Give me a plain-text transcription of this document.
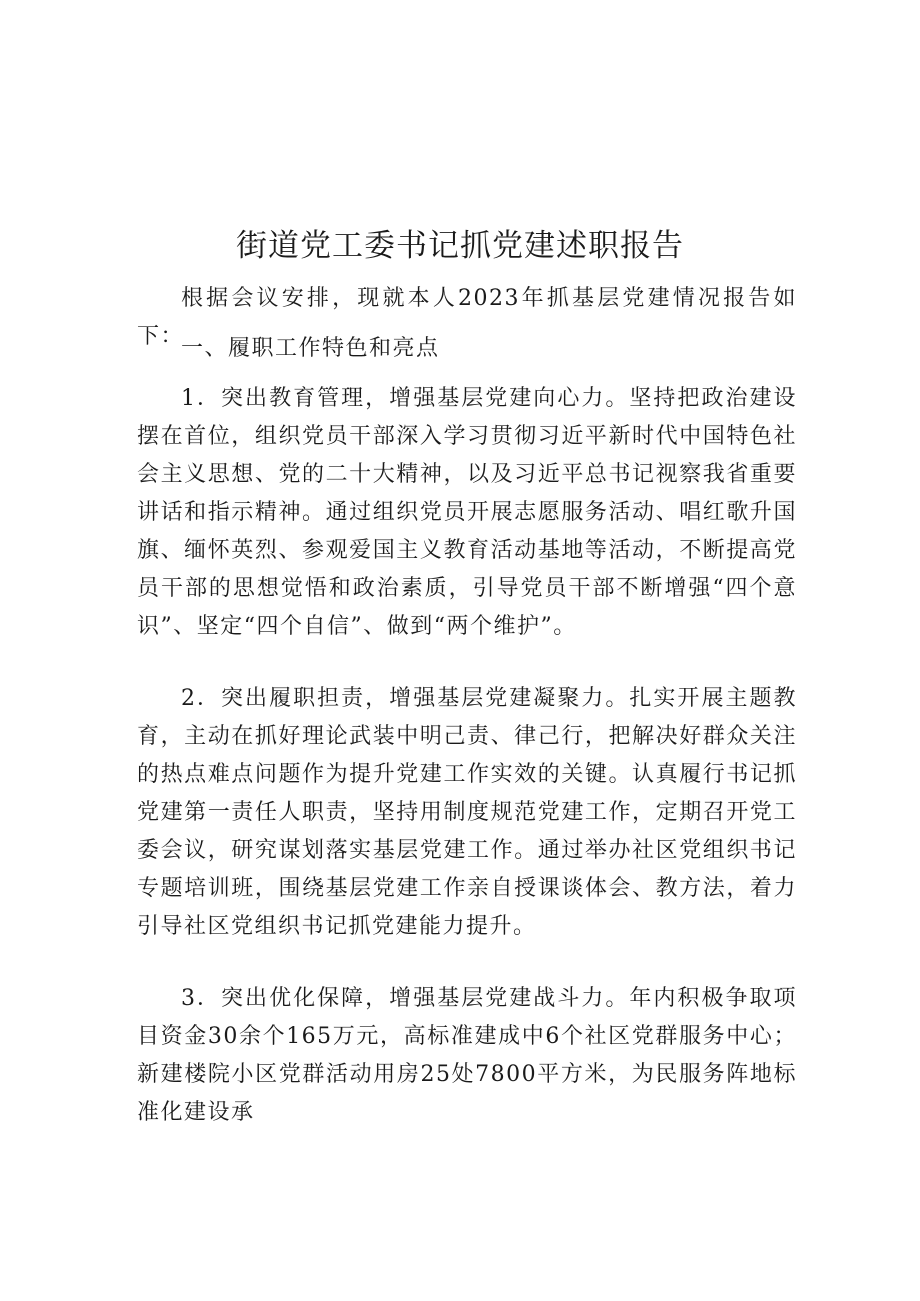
街道党工委书记抓党建述职报告

根据会议安排，现就本人2023年抓基层党建情况报告如下：

一、履职工作特色和亮点

1．突出教育管理，增强基层党建向心力。坚持把政治建设摆在首位，组织党员干部深入学习贯彻习近平新时代中国特色社会主义思想、党的二十大精神，以及习近平总书记视察我省重要讲话和指示精神。通过组织党员开展志愿服务活动、唱红歌升国旗、缅怀英烈、参观爱国主义教育活动基地等活动，不断提高党员干部的思想觉悟和政治素质，引导党员干部不断增强“四个意识”、坚定“四个自信”、做到“两个维护”。

2．突出履职担责，增强基层党建凝聚力。扎实开展主题教育，主动在抓好理论武装中明己责、律己行，把解决好群众关注的热点难点问题作为提升党建工作实效的关键。认真履行书记抓党建第一责任人职责，坚持用制度规范党建工作，定期召开党工委会议，研究谋划落实基层党建工作。通过举办社区党组织书记专题培训班，围绕基层党建工作亲自授课谈体会、教方法，着力引导社区党组织书记抓党建能力提升。

3．突出优化保障，增强基层党建战斗力。年内积极争取项目资金30余个165万元，高标准建成中6个社区党群服务中心；新建楼院小区党群活动用房25处7800平方米，为民服务阵地标准化建设承
